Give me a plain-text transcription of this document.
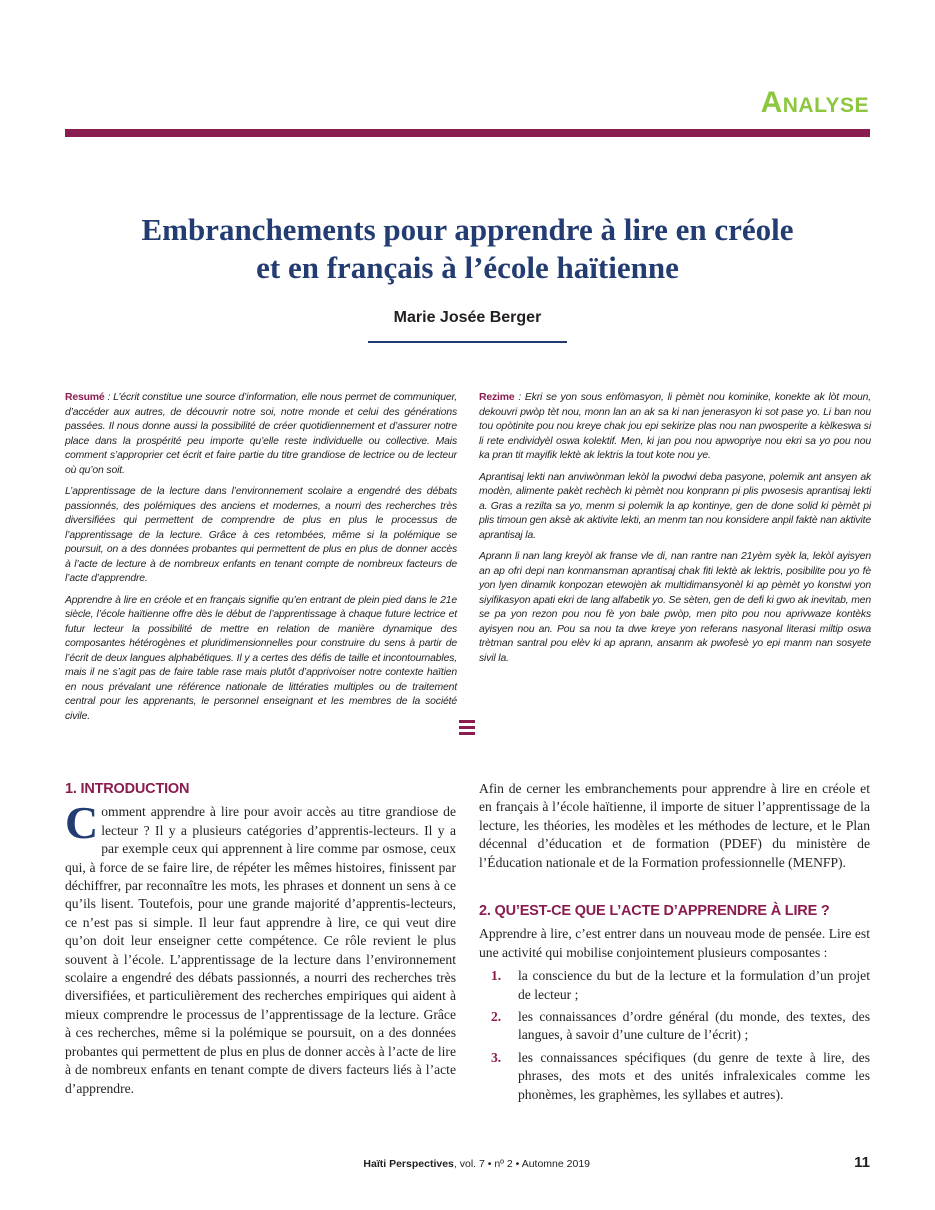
Analyse
Embranchements pour apprendre à lire en créole
et en français à l’école haïtienne
Marie Josée Berger

Resumé : L’écrit constitue une source d’information, elle nous permet de communiquer, d’accéder aux autres, de découvrir notre soi, notre monde et celui des générations passées. Il nous donne aussi la possibilité de créer quotidiennement et d’assurer notre place dans la prospérité peu importe qu’elle reste individuelle ou collective. Mais comment s’approprier cet écrit et faire partie du titre grandiose de lectrice ou de lecteur où qu’on soit.

L’apprentissage de la lecture dans l’environnement scolaire a engendré des débats passionnés, des polémiques des anciens et modernes, a nourri des recherches très diversifiées qui permettent de comprendre de plus en plus le processus de l’apprentissage de la lecture. Grâce à ces retombées, même si la polémique se poursuit, on a des données probantes qui permettent de plus en plus de donner accès à l’acte de lecture à de nombreux enfants en tenant compte de nombreux facteurs de l’acte d’apprendre.

Apprendre à lire en créole et en français signifie qu’en entrant de plein pied dans le 21e siècle, l’école haïtienne offre dès le début de l’apprentissage à chaque future lectrice et futur lecteur la possibilité de mettre en relation de manière dynamique des composantes hétérogènes et pluridimensionnelles pour construire du sens à partir de l’écrit de deux langues alphabétiques. Il y a certes des défis de taille et incontournables, mais il ne s’agit pas de faire table rase mais plutôt d’apprivoiser notre contexte haïtien en nous prévalant une référence nationale de littératies multiples ou de traitement central pour les apprenants, le personnel enseignant et les membres de la société civile.

Rezime : Ekri se yon sous enfòmasyon, li pèmèt nou kominike, konekte ak lòt moun, dekouvri pwòp tèt nou, monn lan an ak sa ki nan jenerasyon ki sot pase yo. Li ban nou tou opòtinite pou nou kreye chak jou epi sekirize plas nou nan pwosperite a kèlkeswa si li rete endividyèl oswa kolektif. Men, ki jan pou nou apwopriye nou ekri sa yo pou nou ka pran tit mayifik lektè ak lektris la tout kote nou ye.

Aprantisaj lekti nan anviwònman lekòl la pwodwi deba pasyone, polemik ant ansyen ak modèn, alimente pakèt rechèch ki pèmèt nou konprann pi plis pwosesis aprantisaj lekti a. Gras a rezilta sa yo, menm si polemik la ap kontinye, gen de done solid ki pèmèt pi plis timoun gen aksè ak aktivite lekti, an menm tan nou konsidere anpil faktè nan aktivite aprantisaj la.

Aprann li nan lang kreyòl ak franse vle di, nan rantre nan 21yèm syèk la, lekòl ayisyen an ap ofri depi nan konmansman aprantisaj chak fiti lektè ak lektris, posibilite pou yo fè yon lyen dinamik konpozan etewojèn ak multidimansyonèl ki ap pèmèt yo konstwi yon siyifikasyon apati ekri de lang alfabetik yo. Se sèten, gen de defi ki gwo ak inevitab, men se pa yon rezon pou nou fè yon bale pwòp, men pito pou nou aprivwaze kontèks ayisyen nou an. Pou sa nou ta dwe kreye yon referans nasyonal literasi miltip oswa trètman santral pou elèv ki ap aprann, ansanm ak pwofesè yo epi manm nan sosyete sivil la.

1. INTRODUCTION

Comment apprendre à lire pour avoir accès au titre grandiose de lecteur ? Il y a plusieurs catégories d’apprentis-lecteurs. Il y a par exemple ceux qui apprennent à lire comme par osmose, ceux qui, à force de se faire lire, de répéter les mêmes histoires, finissent par déchiffrer, par reconnaître les mots, les phrases et donnent un sens à ce qu’ils lisent. Toutefois, pour une grande majorité d’apprentis-lecteurs, ce n’est pas si simple. Il leur faut apprendre à lire, ce qui veut dire qu’on doit leur enseigner cette compétence. Ce rôle revient le plus souvent à l’école. L’apprentissage de la lecture dans l’environnement scolaire a engendré des débats passionnés, a nourri des recherches très diversifiées, et particulièrement des recherches empiriques qui aident à mieux comprendre le processus de l’apprentissage de la lecture. Grâce à ces recherches, même si la polémique se poursuit, on a des données probantes qui permettent de plus en plus de donner accès à l’acte de lire à de nombreux enfants en tenant compte de divers facteurs liés à l’acte d’apprendre.

Afin de cerner les embranchements pour apprendre à lire en créole et en français à l’école haïtienne, il importe de situer l’apprentissage de la lecture, les théories, les modèles et les méthodes de lecture, et le Plan décennal d’éducation et de formation (PDEF) du ministère de l’Éducation nationale et de la Formation professionnelle (MENFP).

2. QU’EST-CE QUE L’ACTE D’APPRENDRE À LIRE ?

Apprendre à lire, c’est entrer dans un nouveau mode de pensée. Lire est une activité qui mobilise conjointement plusieurs composantes :

1.	la conscience du but de la lecture et la formulation d’un projet de lecteur ;
2.	les connaissances d’ordre général (du monde, des textes, des langues, à savoir d’une culture de l’écrit) ;
3.	les connaissances spécifiques (du genre de texte à lire, des phrases, des mots et des unités infralexicales comme les phonèmes, les graphèmes, les syllabes et autres).
Haïti Perspectives, vol. 7 • nº 2 • Automne 2019	11
